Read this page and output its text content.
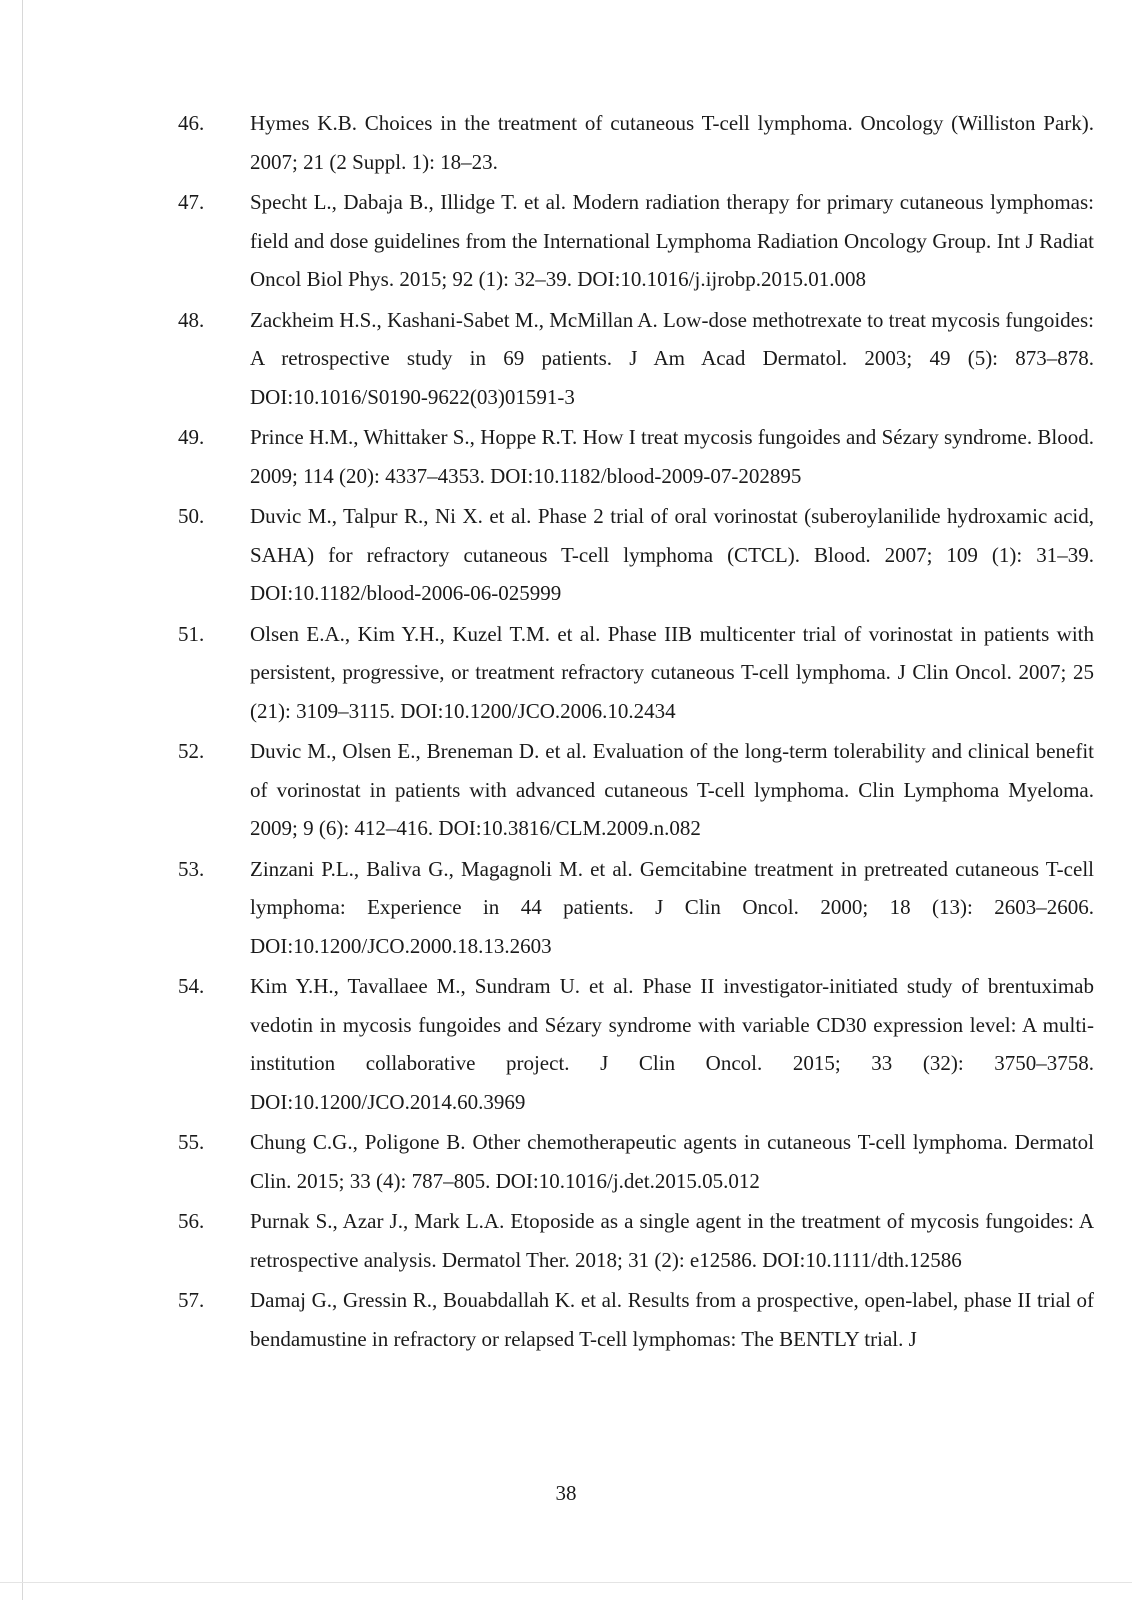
46. Hymes K.B. Choices in the treatment of cutaneous T-cell lymphoma. Oncology (Williston Park). 2007; 21 (2 Suppl. 1): 18–23.
47. Specht L., Dabaja B., Illidge T. et al. Modern radiation therapy for primary cutaneous lymphomas: field and dose guidelines from the International Lymphoma Radiation Oncology Group. Int J Radiat Oncol Biol Phys. 2015; 92 (1): 32–39. DOI:10.1016/j.ijrobp.2015.01.008
48. Zackheim H.S., Kashani-Sabet M., McMillan A. Low-dose methotrexate to treat mycosis fungoides: A retrospective study in 69 patients. J Am Acad Dermatol. 2003; 49 (5): 873–878. DOI:10.1016/S0190-9622(03)01591-3
49. Prince H.M., Whittaker S., Hoppe R.T. How I treat mycosis fungoides and Sézary syndrome. Blood. 2009; 114 (20): 4337–4353. DOI:10.1182/blood-2009-07-202895
50. Duvic M., Talpur R., Ni X. et al. Phase 2 trial of oral vorinostat (suberoylanilide hydroxamic acid, SAHA) for refractory cutaneous T-cell lymphoma (CTCL). Blood. 2007; 109 (1): 31–39. DOI:10.1182/blood-2006-06-025999
51. Olsen E.A., Kim Y.H., Kuzel T.M. et al. Phase IIB multicenter trial of vorinostat in patients with persistent, progressive, or treatment refractory cutaneous T-cell lymphoma. J Clin Oncol. 2007; 25 (21): 3109–3115. DOI:10.1200/JCO.2006.10.2434
52. Duvic M., Olsen E., Breneman D. et al. Evaluation of the long-term tolerability and clinical benefit of vorinostat in patients with advanced cutaneous T-cell lymphoma. Clin Lymphoma Myeloma. 2009; 9 (6): 412–416. DOI:10.3816/CLM.2009.n.082
53. Zinzani P.L., Baliva G., Magagnoli M. et al. Gemcitabine treatment in pretreated cutaneous T-cell lymphoma: Experience in 44 patients. J Clin Oncol. 2000; 18 (13): 2603–2606. DOI:10.1200/JCO.2000.18.13.2603
54. Kim Y.H., Tavallaee M., Sundram U. et al. Phase II investigator-initiated study of brentuximab vedotin in mycosis fungoides and Sézary syndrome with variable CD30 expression level: A multi-institution collaborative project. J Clin Oncol. 2015; 33 (32): 3750–3758. DOI:10.1200/JCO.2014.60.3969
55. Chung C.G., Poligone B. Other chemotherapeutic agents in cutaneous T-cell lymphoma. Dermatol Clin. 2015; 33 (4): 787–805. DOI:10.1016/j.det.2015.05.012
56. Purnak S., Azar J., Mark L.A. Etoposide as a single agent in the treatment of mycosis fungoides: A retrospective analysis. Dermatol Ther. 2018; 31 (2): e12586. DOI:10.1111/dth.12586
57. Damaj G., Gressin R., Bouabdallah K. et al. Results from a prospective, open-label, phase II trial of bendamustine in refractory or relapsed T-cell lymphomas: The BENTLY trial. J
38
